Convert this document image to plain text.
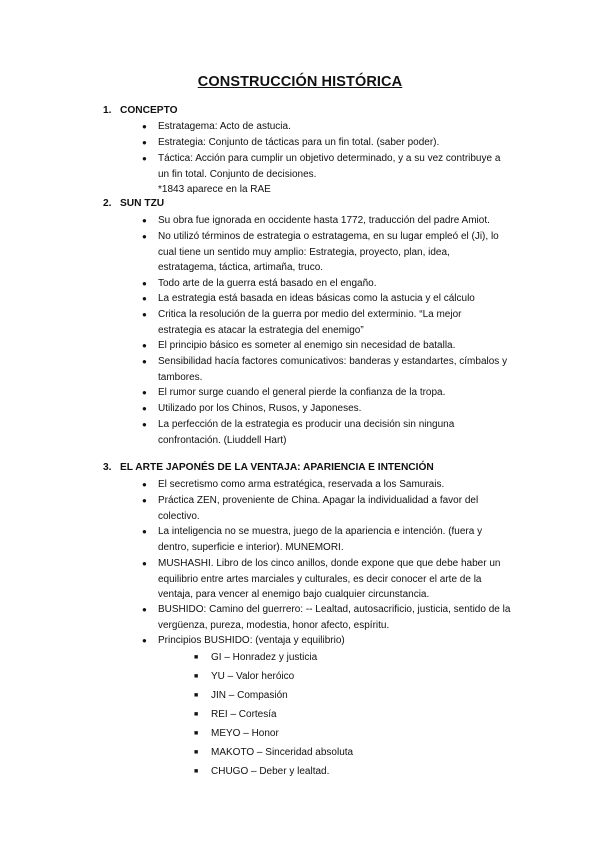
CONSTRUCCIÓN HISTÓRICA
1. CONCEPTO
● Estratagema: Acto de astucia.
● Estrategia: Conjunto de tácticas para un fin total. (saber poder).
● Táctica: Acción para cumplir un objetivo determinado, y a su vez contribuye a
un fin total. Conjunto de decisiones.
*1843 aparece en la RAE
2. SUN TZU
● Su obra fue ignorada en occidente hasta 1772, traducción del padre Amiot.
● No utilizó términos de estrategia o estratagema, en su lugar empleó el (Ji), lo
cual tiene un sentido muy amplio: Estrategia, proyecto, plan, idea,
estratagema, táctica, artimaña, truco.
● Todo arte de la guerra está basado en el engaño.
● La estrategia está basada en ideas básicas como la astucia y el cálculo
● Critica la resolución de la guerra por medio del exterminio. “La mejor
estrategia es atacar la estrategia del enemigo”
● El principio básico es someter al enemigo sin necesidad de batalla.
● Sensibilidad hacía factores comunicativos: banderas y estandartes, címbalos y
tambores.
● El rumor surge cuando el general pierde la confianza de la tropa.
● Utilizado por los Chinos, Rusos, y Japoneses.
● La perfección de la estrategia es producir una decisión sin ninguna
confrontación. (Liuddell Hart)
3. EL ARTE JAPONÉS DE LA VENTAJA: APARIENCIA E INTENCIÓN
● El secretismo como arma estratégica, reservada a los Samurais.
● Práctica ZEN, proveniente de China. Apagar la individualidad a favor del
colectivo.
● La inteligencia no se muestra, juego de la apariencia e intención. (fuera y
dentro, superficie e interior). MUNEMORI.
● MUSHASHI. Libro de los cinco anillos, donde expone que que debe haber un
equilibrio entre artes marciales y culturales, es decir conocer el arte de la
ventaja, para vencer al enemigo bajo cualquier circunstancia.
● BUSHIDO: Camino del guerrero: -- Lealtad, autosacrificio, justicia, sentido de la
vergüenza, pureza, modestia, honor afecto, espíritu.
● Principios BUSHIDO: (ventaja y equilibrio)
■ GI – Honradez y justicia
■ YU – Valor heróico
■ JIN – Compasión
■ REI – Cortesía
■ MEYO – Honor
■ MAKOTO – Sinceridad absoluta
■ CHUGO – Deber y lealtad.
